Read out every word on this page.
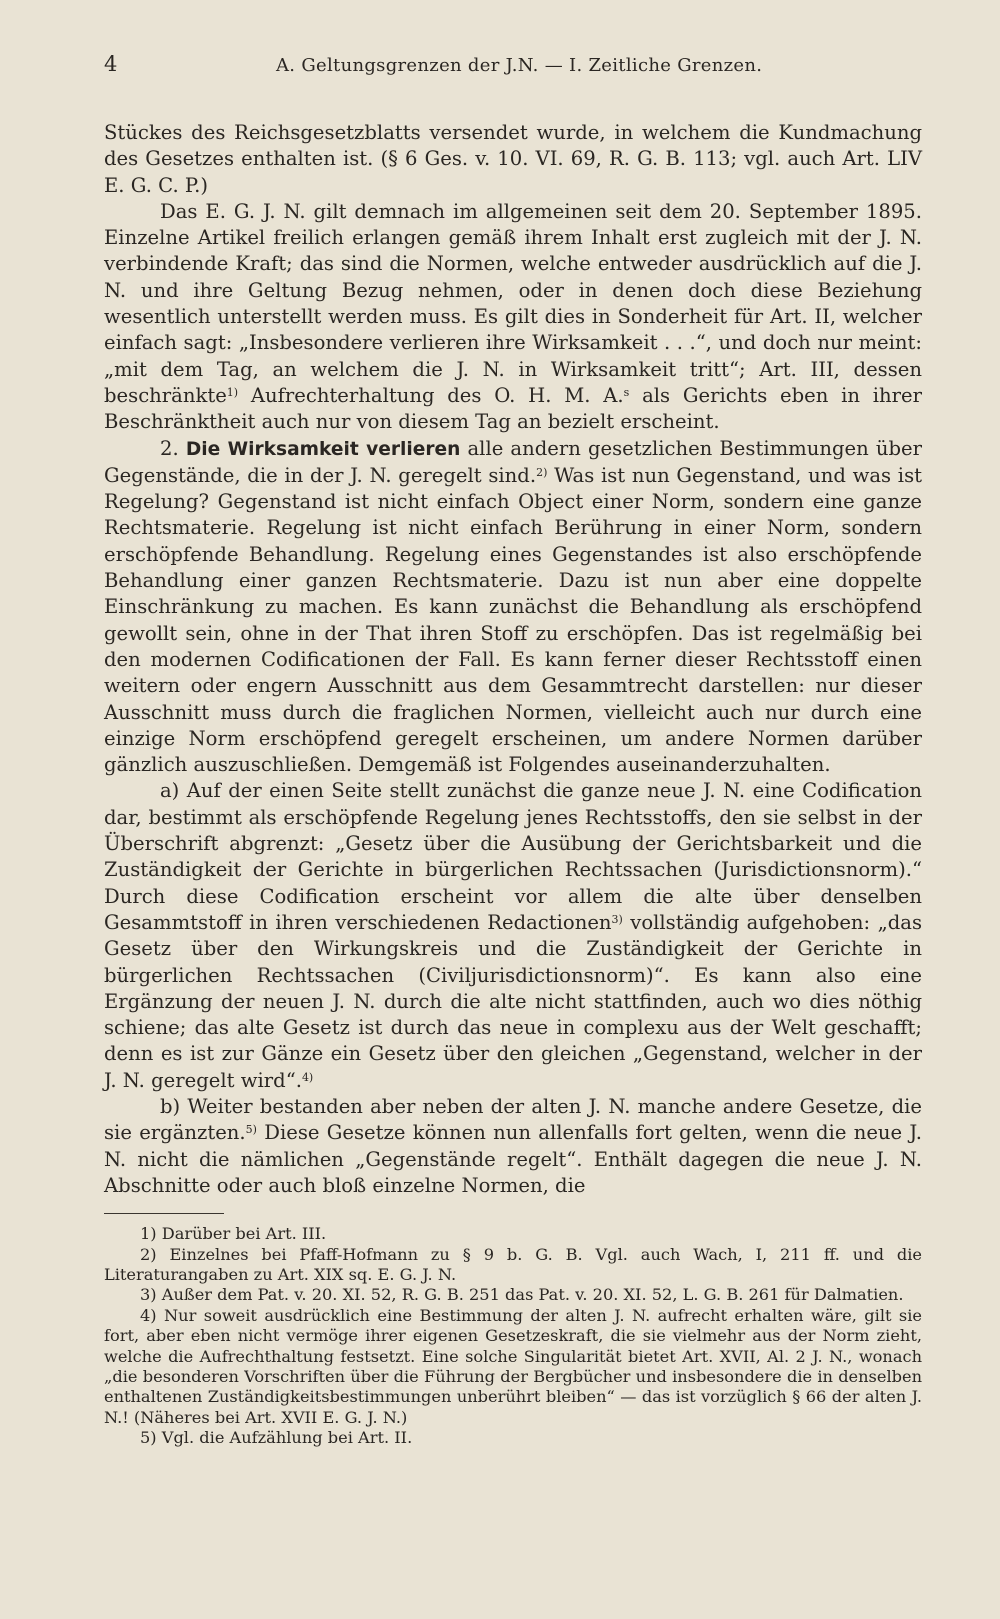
4	A. Geltungsgrenzen der J.N. — I. Zeitliche Grenzen.

Stückes des Reichsgesetzblatts versendet wurde, in welchem die Kundmachung des Gesetzes enthalten ist. (§ 6 Ges. v. 10. VI. 69, R. G. B. 113; vgl. auch Art. LIV E. G. C. P.)

Das E. G. J. N. gilt demnach im allgemeinen seit dem 20. September 1895. Einzelne Artikel freilich erlangen gemäß ihrem Inhalt erst zugleich mit der J. N. verbindende Kraft; das sind die Normen, welche entweder ausdrücklich auf die J. N. und ihre Geltung Bezug nehmen, oder in denen doch diese Beziehung wesentlich unterstellt werden muss. Es gilt dies in Sonderheit für Art. II, welcher einfach sagt: „Insbesondere verlieren ihre Wirksamkeit . . .“, und doch nur meint: „mit dem Tag, an welchem die J. N. in Wirksamkeit tritt“; Art. III, dessen beschränkte$^{1)}$ Aufrechterhaltung des O. H. M. A.$^s$ als Gerichts eben in ihrer Beschränktheit auch nur von diesem Tag an bezielt erscheint.

2. Die Wirksamkeit verlieren alle andern gesetzlichen Bestimmungen über Gegenstände, die in der J. N. geregelt sind.$^{2)}$ Was ist nun Gegenstand, und was ist Regelung? Gegenstand ist nicht einfach Object einer Norm, sondern eine ganze Rechtsmaterie. Regelung ist nicht einfach Berührung in einer Norm, sondern erschöpfende Behandlung. Regelung eines Gegenstandes ist also erschöpfende Behandlung einer ganzen Rechtsmaterie. Dazu ist nun aber eine doppelte Einschränkung zu machen. Es kann zunächst die Behandlung als erschöpfend gewollt sein, ohne in der That ihren Stoff zu erschöpfen. Das ist regelmäßig bei den modernen Codificationen der Fall. Es kann ferner dieser Rechtsstoff einen weitern oder engern Ausschnitt aus dem Gesammtrecht darstellen: nur dieser Ausschnitt muss durch die fraglichen Normen, vielleicht auch nur durch eine einzige Norm erschöpfend geregelt erscheinen, um andere Normen darüber gänzlich auszuschließen. Demgemäß ist Folgendes auseinanderzuhalten.

a) Auf der einen Seite stellt zunächst die ganze neue J. N. eine Codification dar, bestimmt als erschöpfende Regelung jenes Rechtsstoffs, den sie selbst in der Überschrift abgrenzt: „Gesetz über die Ausübung der Gerichtsbarkeit und die Zuständigkeit der Gerichte in bürgerlichen Rechtssachen (Jurisdictionsnorm).“ Durch diese Codification erscheint vor allem die alte über denselben Gesammtstoff in ihren verschiedenen Redactionen$^{3)}$ vollständig aufgehoben: „das Gesetz über den Wirkungskreis und die Zuständigkeit der Gerichte in bürgerlichen Rechtssachen (Civiljurisdictionsnorm)“. Es kann also eine Ergänzung der neuen J. N. durch die alte nicht stattfinden, auch wo dies nöthig schiene; das alte Gesetz ist durch das neue in complexu aus der Welt geschafft; denn es ist zur Gänze ein Gesetz über den gleichen „Gegenstand, welcher in der J. N. geregelt wird“.$^{4)}$

b) Weiter bestanden aber neben der alten J. N. manche andere Gesetze, die sie ergänzten.$^{5)}$ Diese Gesetze können nun allenfalls fort gelten, wenn die neue J. N. nicht die nämlichen „Gegenstände regelt“. Enthält dagegen die neue J. N. Abschnitte oder auch bloß einzelne Normen, die

1) Darüber bei Art. III.

2) Einzelnes bei Pfaff-Hofmann zu § 9 b. G. B. Vgl. auch Wach, I, 211 ff. und die Literaturangaben zu Art. XIX sq. E. G. J. N.

3) Außer dem Pat. v. 20. XI. 52, R. G. B. 251 das Pat. v. 20. XI. 52, L. G. B. 261 für Dalmatien.

4) Nur soweit ausdrücklich eine Bestimmung der alten J. N. aufrecht erhalten wäre, gilt sie fort, aber eben nicht vermöge ihrer eigenen Gesetzeskraft, die sie vielmehr aus der Norm zieht, welche die Aufrechthaltung festsetzt. Eine solche Singularität bietet Art. XVII, Al. 2 J. N., wonach „die besonderen Vorschriften über die Führung der Bergbücher und insbesondere die in denselben enthaltenen Zuständigkeitsbestimmungen unberührt bleiben“ — das ist vorzüglich § 66 der alten J. N.! (Näheres bei Art. XVII E. G. J. N.)

5) Vgl. die Aufzählung bei Art. II.
